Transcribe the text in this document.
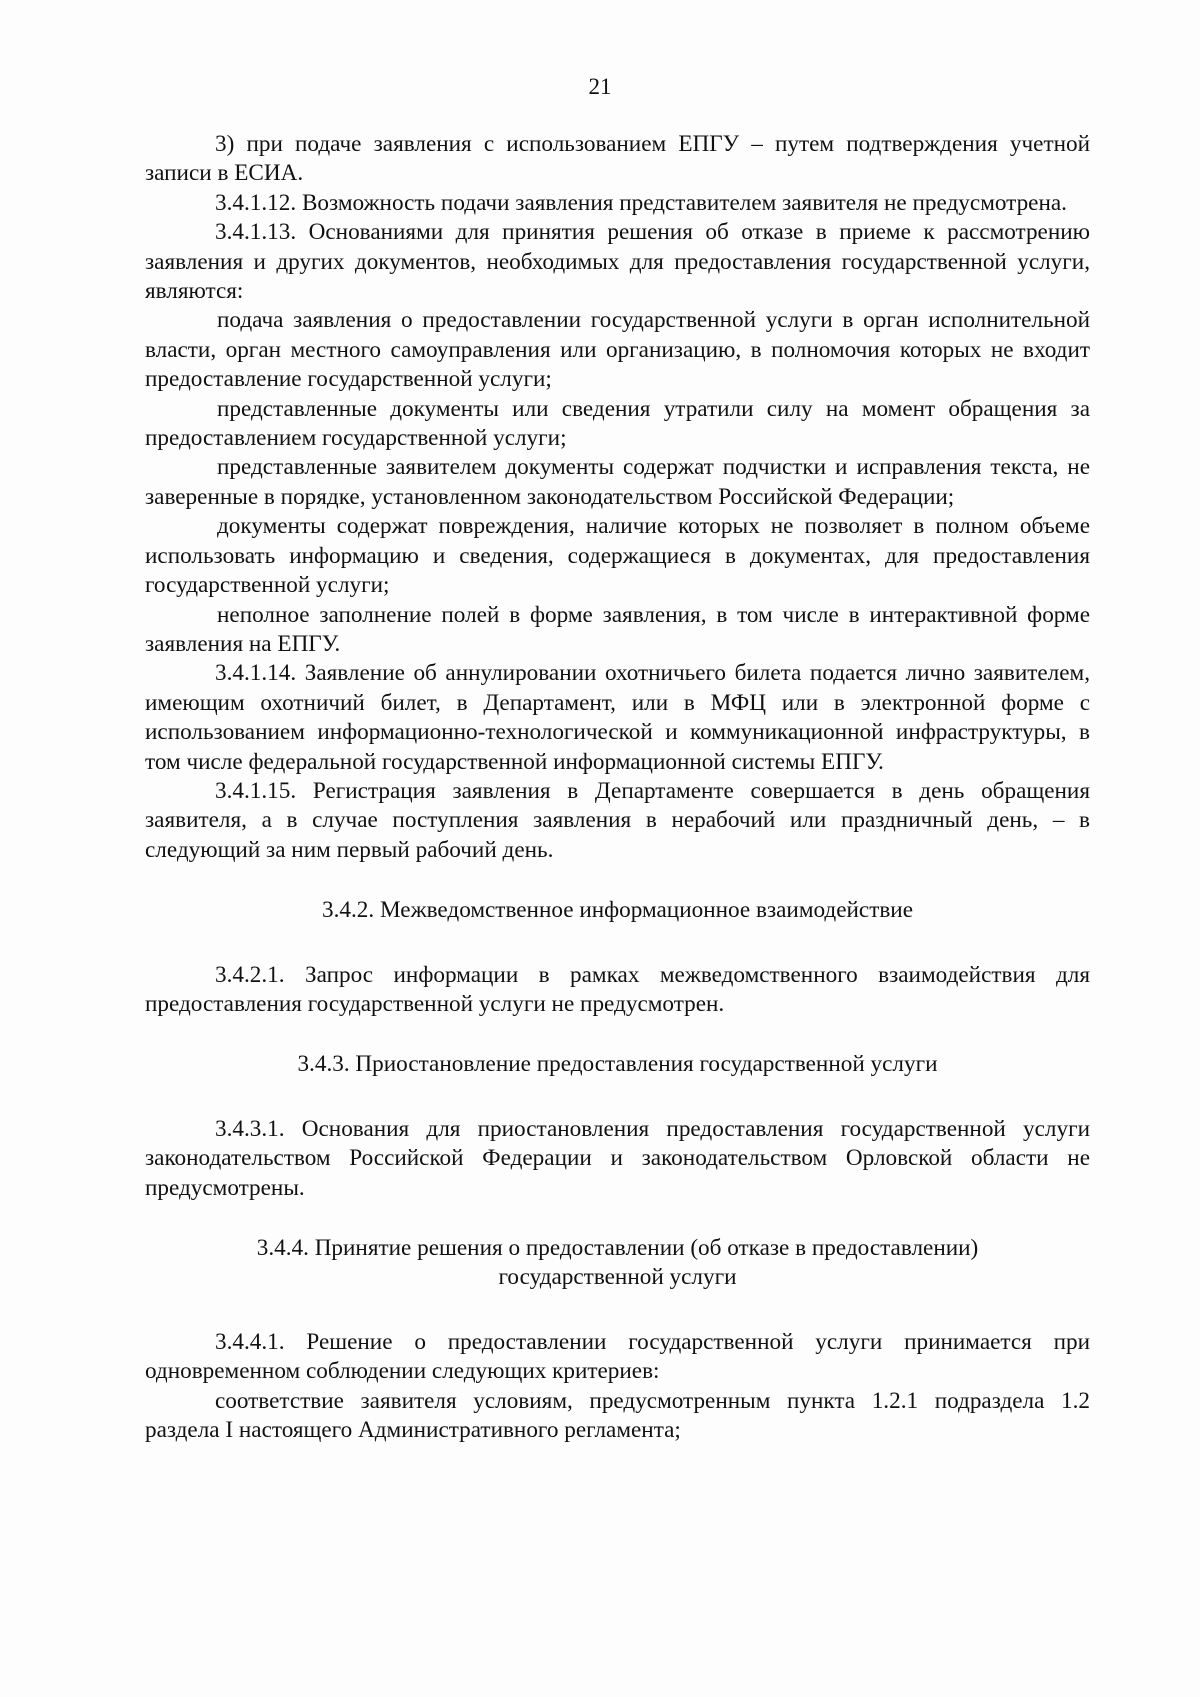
21

3) при подаче заявления с использованием ЕПГУ – путем подтверждения учетной записи в ЕСИА.

3.4.1.12. Возможность подачи заявления представителем заявителя не предусмотрена.

3.4.1.13. Основаниями для принятия решения об отказе в приеме к рассмотрению заявления и других документов, необходимых для предоставления государственной услуги, являются:

подача заявления о предоставлении государственной услуги в орган исполнительной власти, орган местного самоуправления или организацию, в полномочия которых не входит предоставление государственной услуги;

представленные документы или сведения утратили силу на момент обращения за предоставлением государственной услуги;

представленные заявителем документы содержат подчистки и исправления текста, не заверенные в порядке, установленном законодательством Российской Федерации;

документы содержат повреждения, наличие которых не позволяет в полном объеме использовать информацию и сведения, содержащиеся в документах, для предоставления государственной услуги;

неполное заполнение полей в форме заявления, в том числе в интерактивной форме заявления на ЕПГУ.

3.4.1.14. Заявление об аннулировании охотничьего билета подается лично заявителем, имеющим охотничий билет, в Департамент, или в МФЦ или в электронной форме с использованием информационно-технологической и коммуникационной инфраструктуры, в том числе федеральной государственной информационной системы ЕПГУ.

3.4.1.15. Регистрация заявления в Департаменте совершается в день обращения заявителя, а в случае поступления заявления в нерабочий или праздничный день, – в следующий за ним первый рабочий день.

3.4.2. Межведомственное информационное взаимодействие

3.4.2.1. Запрос информации в рамках межведомственного взаимодействия для предоставления государственной услуги не предусмотрен.

3.4.3. Приостановление предоставления государственной услуги

3.4.3.1. Основания для приостановления предоставления государственной услуги законодательством Российской Федерации и законодательством Орловской области не предусмотрены.

3.4.4. Принятие решения о предоставлении (об отказе в предоставлении)
государственной услуги

3.4.4.1. Решение о предоставлении государственной услуги принимается при одновременном соблюдении следующих критериев:

соответствие заявителя условиям, предусмотренным пункта 1.2.1 подраздела 1.2 раздела I настоящего Административного регламента;
